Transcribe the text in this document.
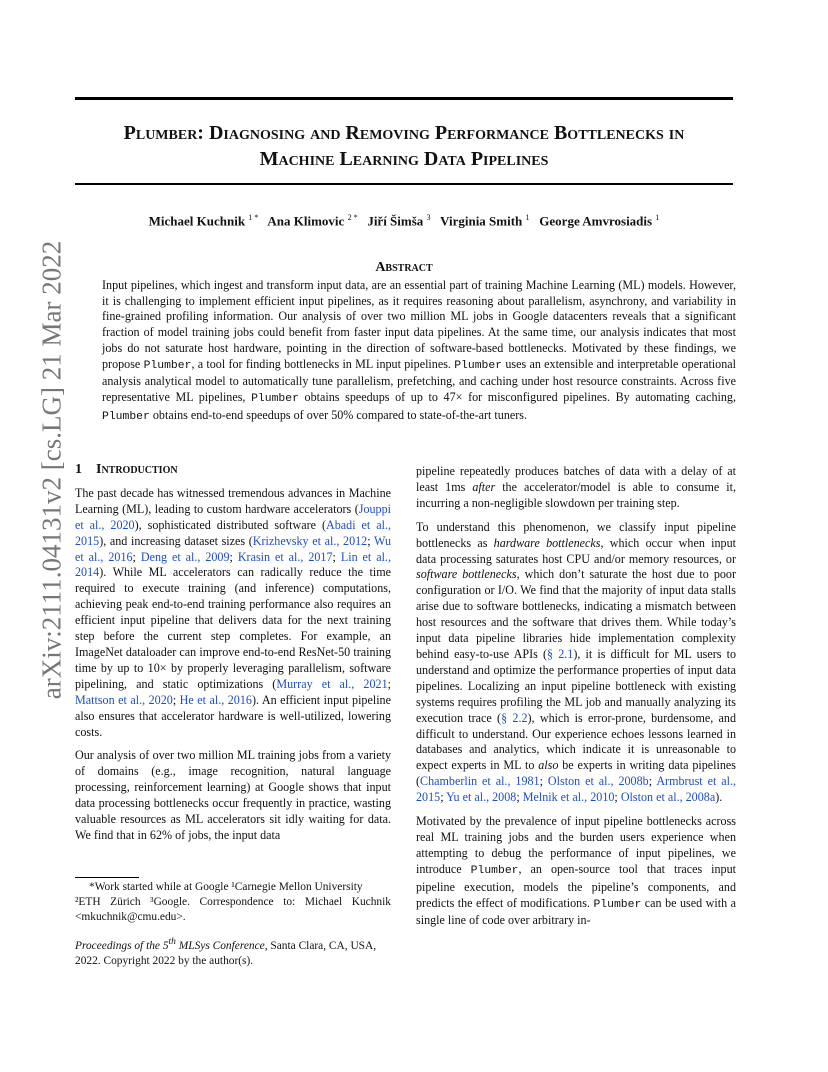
arXiv:2111.04131v2 [cs.LG] 21 Mar 2022
Plumber: Diagnosing and Removing Performance Bottlenecks in
Machine Learning Data Pipelines
Michael Kuchnik $^{1 *}$ Ana Klimovic $^{2 *}$ Jiří Šimša $^3$ Virginia Smith $^1$ George Amvrosiadis $^1$
Abstract
Input pipelines, which ingest and transform input data, are an essential part of training Machine Learning (ML) models. However, it is challenging to implement efficient input pipelines, as it requires reasoning about parallelism, asynchrony, and variability in fine-grained profiling information. Our analysis of over two million ML jobs in Google datacenters reveals that a significant fraction of model training jobs could benefit from faster input data pipelines. At the same time, our analysis indicates that most jobs do not saturate host hardware, pointing in the direction of software-based bottlenecks. Motivated by these findings, we propose Plumber, a tool for finding bottlenecks in ML input pipelines. Plumber uses an extensible and interpretable operational analysis analytical model to automatically tune parallelism, prefetching, and caching under host resource constraints. Across five representative ML pipelines, Plumber obtains speedups of up to 47× for misconfigured pipelines. By automating caching, Plumber obtains end-to-end speedups of over 50% compared to state-of-the-art tuners.
1 Introduction

The past decade has witnessed tremendous advances in Machine Learning (ML), leading to custom hardware accelerators (Jouppi et al., 2020), sophisticated distributed software (Abadi et al., 2015), and increasing dataset sizes (Krizhevsky et al., 2012; Wu et al., 2016; Deng et al., 2009; Krasin et al., 2017; Lin et al., 2014). While ML accelerators can radically reduce the time required to execute training (and inference) computations, achieving peak end-to-end training performance also requires an efficient input pipeline that delivers data for the next training step before the current step completes. For example, an ImageNet dataloader can improve end-to-end ResNet-50 training time by up to 10× by properly leveraging parallelism, software pipelining, and static optimizations (Murray et al., 2021; Mattson et al., 2020; He et al., 2016). An efficient input pipeline also ensures that accelerator hardware is well-utilized, lowering costs.

Our analysis of over two million ML training jobs from a variety of domains (e.g., image recognition, natural language processing, reinforcement learning) at Google shows that input data processing bottlenecks occur frequently in practice, wasting valuable resources as ML accelerators sit idly waiting for data. We find that in 62% of jobs, the input data

pipeline repeatedly produces batches of data with a delay of at least 1ms after the accelerator/model is able to consume it, incurring a non-negligible slowdown per training step.

To understand this phenomenon, we classify input pipeline bottlenecks as hardware bottlenecks, which occur when input data processing saturates host CPU and/or memory resources, or software bottlenecks, which don’t saturate the host due to poor configuration or I/O. We find that the majority of input data stalls arise due to software bottlenecks, indicating a mismatch between host resources and the software that drives them. While today’s input data pipeline libraries hide implementation complexity behind easy-to-use APIs (§ 2.1), it is difficult for ML users to understand and optimize the performance properties of input data pipelines. Localizing an input pipeline bottleneck with existing systems requires profiling the ML job and manually analyzing its execution trace (§ 2.2), which is error-prone, burdensome, and difficult to understand. Our experience echoes lessons learned in databases and analytics, which indicate it is unreasonable to expect experts in ML to also be experts in writing data pipelines (Chamberlin et al., 1981; Olston et al., 2008b; Armbrust et al., 2015; Yu et al., 2008; Melnik et al., 2010; Olston et al., 2008a).

Motivated by the prevalence of input pipeline bottlenecks across real ML training jobs and the burden users experience when attempting to debug the performance of input pipelines, we introduce Plumber, an open-source tool that traces input pipeline execution, models the pipeline’s components, and predicts the effect of modifications. Plumber can be used with a single line of code over arbitrary in-

*Work started while at Google ¹Carnegie Mellon University
²ETH Zürich ³Google. Correspondence to: Michael Kuchnik <mkuchnik@cmu.edu>.
Proceedings of the 5th MLSys Conference, Santa Clara, CA, USA, 2022. Copyright 2022 by the author(s).
